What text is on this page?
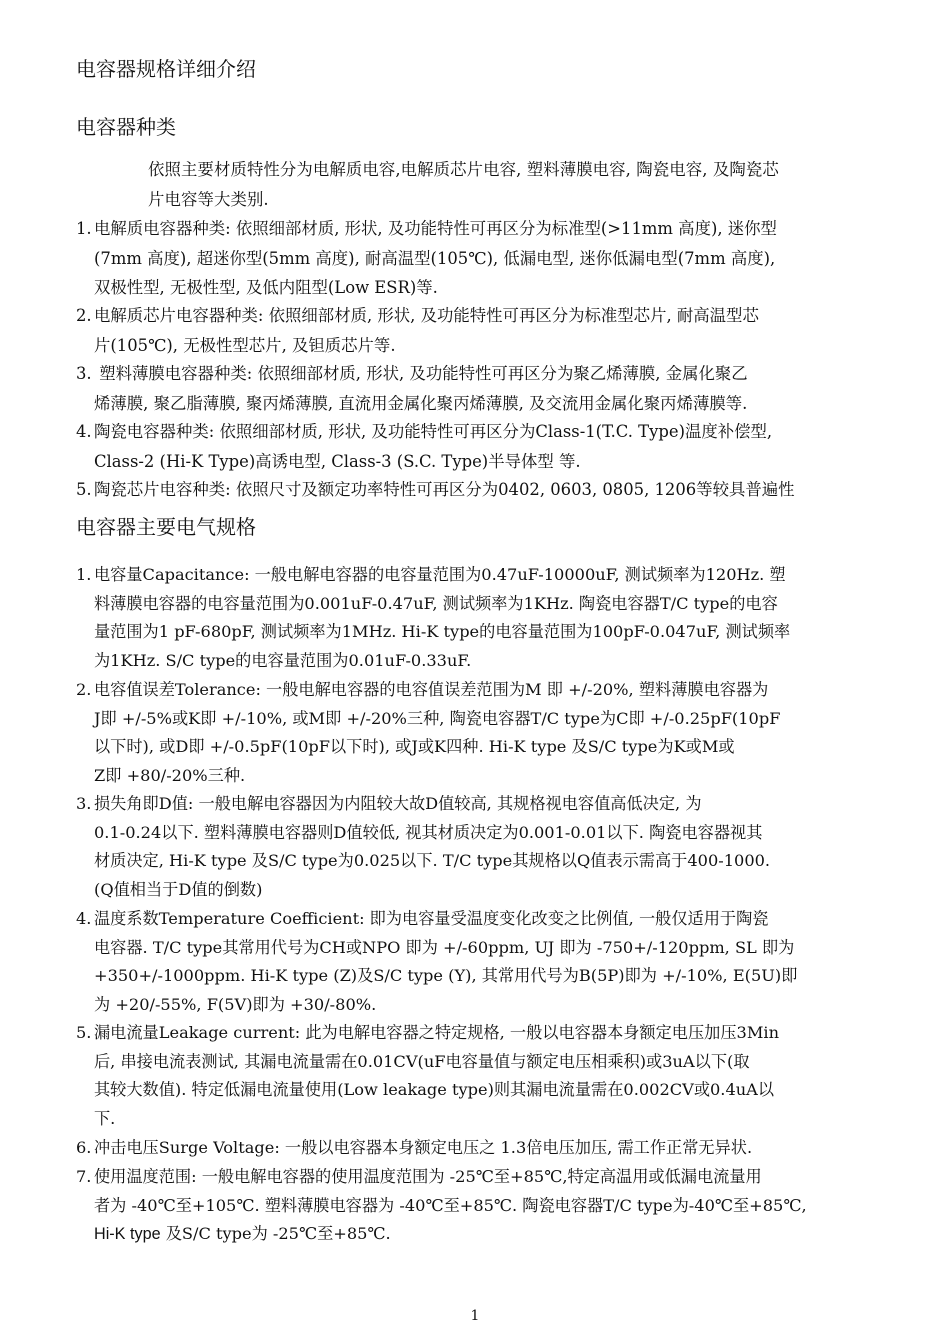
电容器规格详细介绍
电容器种类
依照主要材质特性分为电解质电容,电解质芯片电容, 塑料薄膜电容, 陶瓷电容, 及陶瓷芯
片电容等大类别.
1. 电解质电容器种类: 依照细部材质, 形状, 及功能特性可再区分为标准型(>11mm 高度), 迷你型
(7mm 高度), 超迷你型(5mm 高度), 耐高温型(105℃), 低漏电型, 迷你低漏电型(7mm 高度),
双极性型, 无极性型, 及低内阻型(Low ESR)等.
2. 电解质芯片电容器种类: 依照细部材质, 形状, 及功能特性可再区分为标准型芯片, 耐高温型芯
片(105℃), 无极性型芯片, 及钽质芯片等.
3. 塑料薄膜电容器种类: 依照细部材质, 形状, 及功能特性可再区分为聚乙烯薄膜, 金属化聚乙
烯薄膜, 聚乙脂薄膜, 聚丙烯薄膜, 直流用金属化聚丙烯薄膜, 及交流用金属化聚丙烯薄膜等.
4. 陶瓷电容器种类: 依照细部材质, 形状, 及功能特性可再区分为Class-1(T.C. Type)温度补偿型,
Class-2 (Hi-K Type)高诱电型, Class-3 (S.C. Type)半导体型 等.
5. 陶瓷芯片电容种类: 依照尺寸及额定功率特性可再区分为0402, 0603, 0805, 1206等较具普遍性
电容器主要电气规格
1. 电容量Capacitance: 一般电解电容器的电容量范围为0.47uF-10000uF, 测试频率为120Hz. 塑
料薄膜电容器的电容量范围为0.001uF-0.47uF, 测试频率为1KHz. 陶瓷电容器T/C type的电容
量范围为1 pF-680pF, 测试频率为1MHz. Hi-K type的电容量范围为100pF-0.047uF, 测试频率
为1KHz. S/C type的电容量范围为0.01uF-0.33uF.
2. 电容值误差Tolerance: 一般电解电容器的电容值误差范围为M 即 +/-20%, 塑料薄膜电容器为
J即 +/-5%或K即 +/-10%, 或M即 +/-20%三种, 陶瓷电容器T/C type为C即 +/-0.25pF(10pF
以下时), 或D即 +/-0.5pF(10pF以下时), 或J或K四种. Hi-K type 及S/C type为K或M或
Z即 +80/-20%三种.
3. 损失角即D值: 一般电解电容器因为内阻较大故D值较高, 其规格视电容值高低决定, 为
0.1-0.24以下. 塑料薄膜电容器则D值较低, 视其材质决定为0.001-0.01以下. 陶瓷电容器视其
材质决定, Hi-K type 及S/C type为0.025以下. T/C type其规格以Q值表示需高于400-1000.
(Q值相当于D值的倒数)
4. 温度系数Temperature Coefficient: 即为电容量受温度变化改变之比例值, 一般仅适用于陶瓷
电容器. T/C type其常用代号为CH或NPO 即为 +/-60ppm, UJ 即为 -750+/-120ppm, SL 即为
+350+/-1000ppm. Hi-K type (Z)及S/C type (Y), 其常用代号为B(5P)即为 +/-10%, E(5U)即
为 +20/-55%, F(5V)即为 +30/-80%.
5. 漏电流量Leakage current: 此为电解电容器之特定规格, 一般以电容器本身额定电压加压3Min
后, 串接电流表测试, 其漏电流量需在0.01CV(uF电容量值与额定电压相乘积)或3uA以下(取
其较大数值). 特定低漏电流量使用(Low leakage type)则其漏电流量需在0.002CV或0.4uA以
下.
6. 冲击电压Surge Voltage: 一般以电容器本身额定电压之 1.3倍电压加压, 需工作正常无异状.
7. 使用温度范围: 一般电解电容器的使用温度范围为 -25℃至+85℃,特定高温用或低漏电流量用
者为 -40℃至+105℃. 塑料薄膜电容器为 -40℃至+85℃. 陶瓷电容器T/C type为-40℃至+85℃,
Hi-K type 及S/C type为 -25℃至+85℃.
1
